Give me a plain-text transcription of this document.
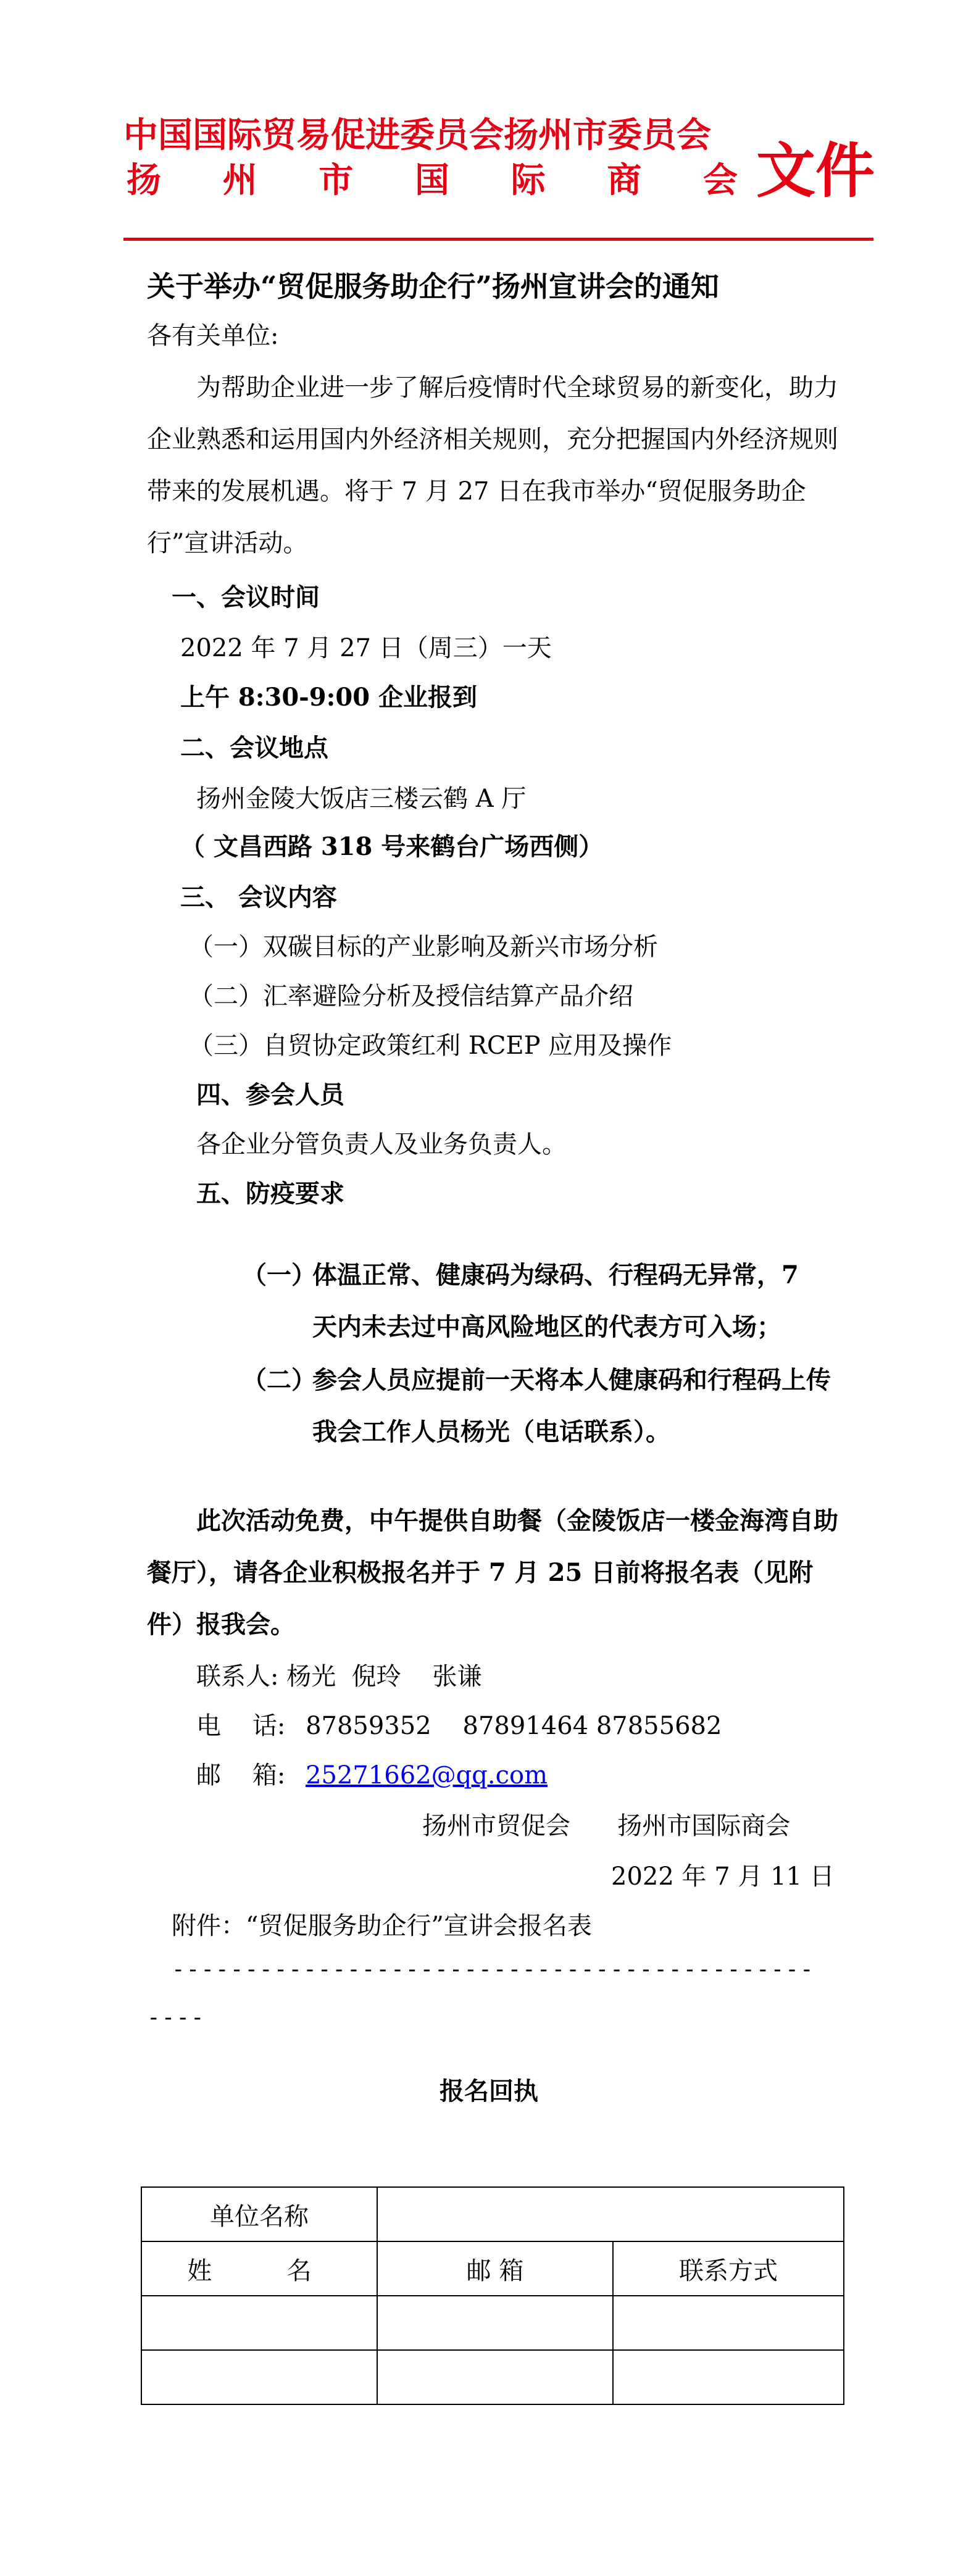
中国国际贸易促进委员会扬州市委员会
扬 州 市 国 际 商 会 文件
关于举办“贸促服务助企行”扬州宣讲会的通知
各有关单位:
为帮助企业进一步了解后疫情时代全球贸易的新变化，助力企业熟悉和运用国内外经济相关规则，充分把握国内外经济规则带来的发展机遇。将于 7 月 27 日在我市举办“贸促服务助企行”宣讲活动。
一、会议时间
2022 年 7 月 27 日（周三）一天
上午 8:30-9:00 企业报到
二、会议地点
扬州金陵大饭店三楼云鹤 A 厅
（ 文昌西路 318 号来鹤台广场西侧）
三、 会议内容
（一）双碳目标的产业影响及新兴市场分析
（二）汇率避险分析及授信结算产品介绍
（三）自贸协定政策红利 RCEP 应用及操作
四、参会人员
各企业分管负责人及业务负责人。
五、防疫要求
（一）
体温正常、健康码为绿码、行程码无异常，7 天内未去过中高风险地区的代表方可入场；
（二）
参会人员应提前一天将本人健康码和行程码上传我会工作人员杨光（电话联系）。
此次活动免费，中午提供自助餐（金陵饭店一楼金海湾自助餐厅），请各企业积极报名并于 7 月 25 日前将报名表（见附件）报我会。
联系人: 杨光  倪玲    张谦
电    话: 87859352    87891464 87855682
邮    箱: 25271662@qq.com
扬州市贸促会      扬州市国际商会
2022 年 7 月 11 日
附件：“贸促服务助企行”宣讲会报名表
--------------------------------------------
----
报名回执
单位名称		
姓  名	邮 箱	联系方式
